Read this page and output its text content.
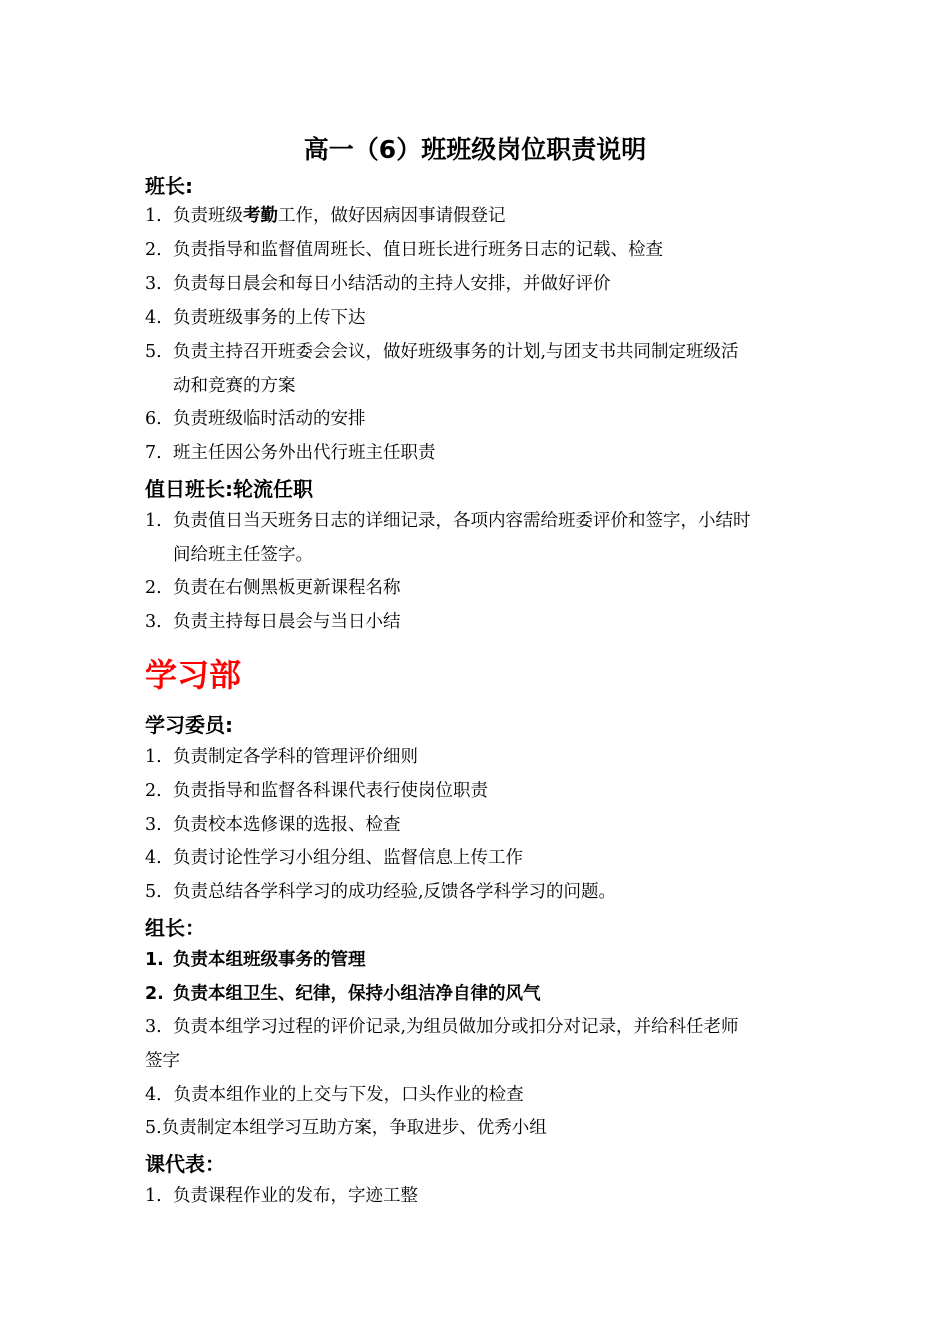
高一（6）班班级岗位职责说明
班长:
1. 负责班级考勤工作，做好因病因事请假登记
2. 负责指导和监督值周班长、值日班长进行班务日志的记载、检查
3. 负责每日晨会和每日小结活动的主持人安排，并做好评价
4. 负责班级事务的上传下达
5. 负责主持召开班委会会议，做好班级事务的计划,与团支书共同制定班级活
动和竞赛的方案
6. 负责班级临时活动的安排
7. 班主任因公务外出代行班主任职责
值日班长:轮流任职
1. 负责值日当天班务日志的详细记录，各项内容需给班委评价和签字，小结时
间给班主任签字。
2. 负责在右侧黑板更新课程名称
3. 负责主持每日晨会与当日小结
学习部
学习委员:
1. 负责制定各学科的管理评价细则
2. 负责指导和监督各科课代表行使岗位职责
3. 负责校本选修课的选报、检查
4. 负责讨论性学习小组分组、监督信息上传工作
5. 负责总结各学科学习的成功经验,反馈各学科学习的问题。
组长：
1. 负责本组班级事务的管理
2. 负责本组卫生、纪律，保持小组洁净自律的风气
3. 负责本组学习过程的评价记录,为组员做加分或扣分对记录，并给科任老师
签字
4．负责本组作业的上交与下发，口头作业的检查
5.负责制定本组学习互助方案，争取进步、优秀小组
课代表：
1. 负责课程作业的发布，字迹工整
